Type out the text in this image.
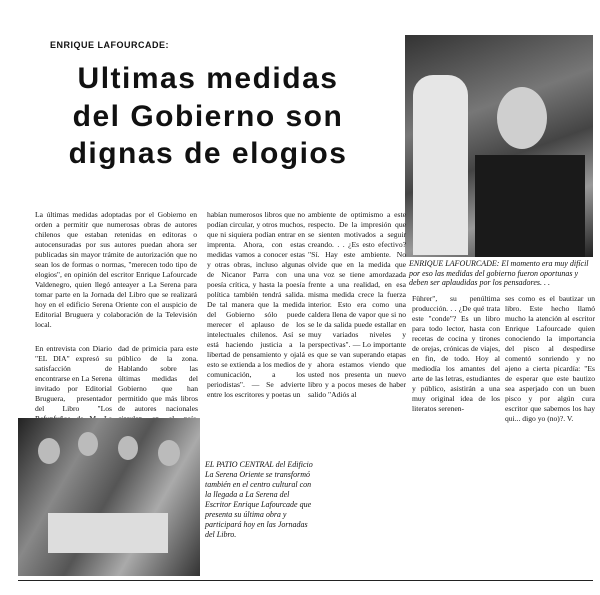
ENRIQUE LAFOURCADE:
Ultimas medidas
del Gobierno son
dignas de elogios
ENRIQUE LAFOURCADE: El momento era muy difícil por eso las medidas del gobierno fueron oportunas y deben ser aplaudidas por los pensadores. . .
La últimas medidas adoptadas por el Gobierno en orden a permitir que numerosas obras de autores chilenos que estaban retenidas en editoras o autocensuradas por sus autores puedan ahora ser publicadas sin mayor trámite de autorización que no sean los de formas o normas, "merecen todo tipo de elogios", en opinión del escritor Enrique Lafourcade Valdenegro, quien llegó anteayer a La Serena para tomar parte en la Jornada del Libro que se realizará hoy en el edificio Serena Oriente con el auspicio de Editorial Bruguera y colaboración de la Televisión local.
En entrevista con Diario "EL DIA" expresó su satisfacción de encontrarse en La Serena invitado por Editorial Bruguera, presentador del Libro "Los
dad de primicia para este público de la zona. Hablando sobre las últimas medidas del Gobierno que han permitido que más libros de autores nacionales
habían numerosos libros que no podían circular, y otros muchos, que ni siquiera podían entrar en imprenta. Ahora, con estas medidas vamos a conocer estas y otras obras, incluso algunas de Nicanor Parra con una poesía crítica, y hasta la poesía política también tendrá salida. De tal manera que la medida del Gobierno sólo puede merecer el aplauso de los intelectuales chilenos. Así se está haciendo justicia a la libertad de pensamiento y ojalá esto se extienda a los medios de comunicación, a los periodistas". — Se advierte entre los escritores y poetas un
ambiente de optimismo a este respecto. De la impresión que se sienten motivados a seguir creando. . . ¿Es esto efectivo? "Sí. Hay este ambiente. No olvide que en la medida que una voz se tiene amordazada frente a una realidad, en esa misma medida crece la fuerza interior. Esto era como una caldera llena de vapor que si no se le da salida puede estallar en muy variados niveles y perspectivas". — Lo importante es que se van superando etapas y ahora estamos viendo que usted nos presenta un nuevo libro y a pocos meses de haber salido "Adiós al
Führer", su penúltima producción. . . ¿De qué trata este "conde"? Es un libro para todo lector, hasta con recetas de cocina y tirones de orejas, crónicas de viajes, en fin, de todo. Hoy al mediodía los amantes del arte de las letras, estudiantes y público, asistirán a una muy original idea de los literatos serenen-
ses como es el bautizar un libro. Este hecho llamó mucho la atención al escritor Enrique Lafourcade quien conociendo la importancia del pisco al despedirse comentó sonriendo y no ajeno a cierta picardía: "Es de esperar que este bautizo sea asperjado con un buen pisco y por algún cura escritor que sabemos los hay qui... digo yo (no)?. V.
EL PATIO CENTRAL del Edificio La Serena Oriente se transformó también en el centro cultural con la llegada a La Serena del Escritor Enrique Lafourcade que presenta su última obra y participará hoy en las Jornadas del Libro.
